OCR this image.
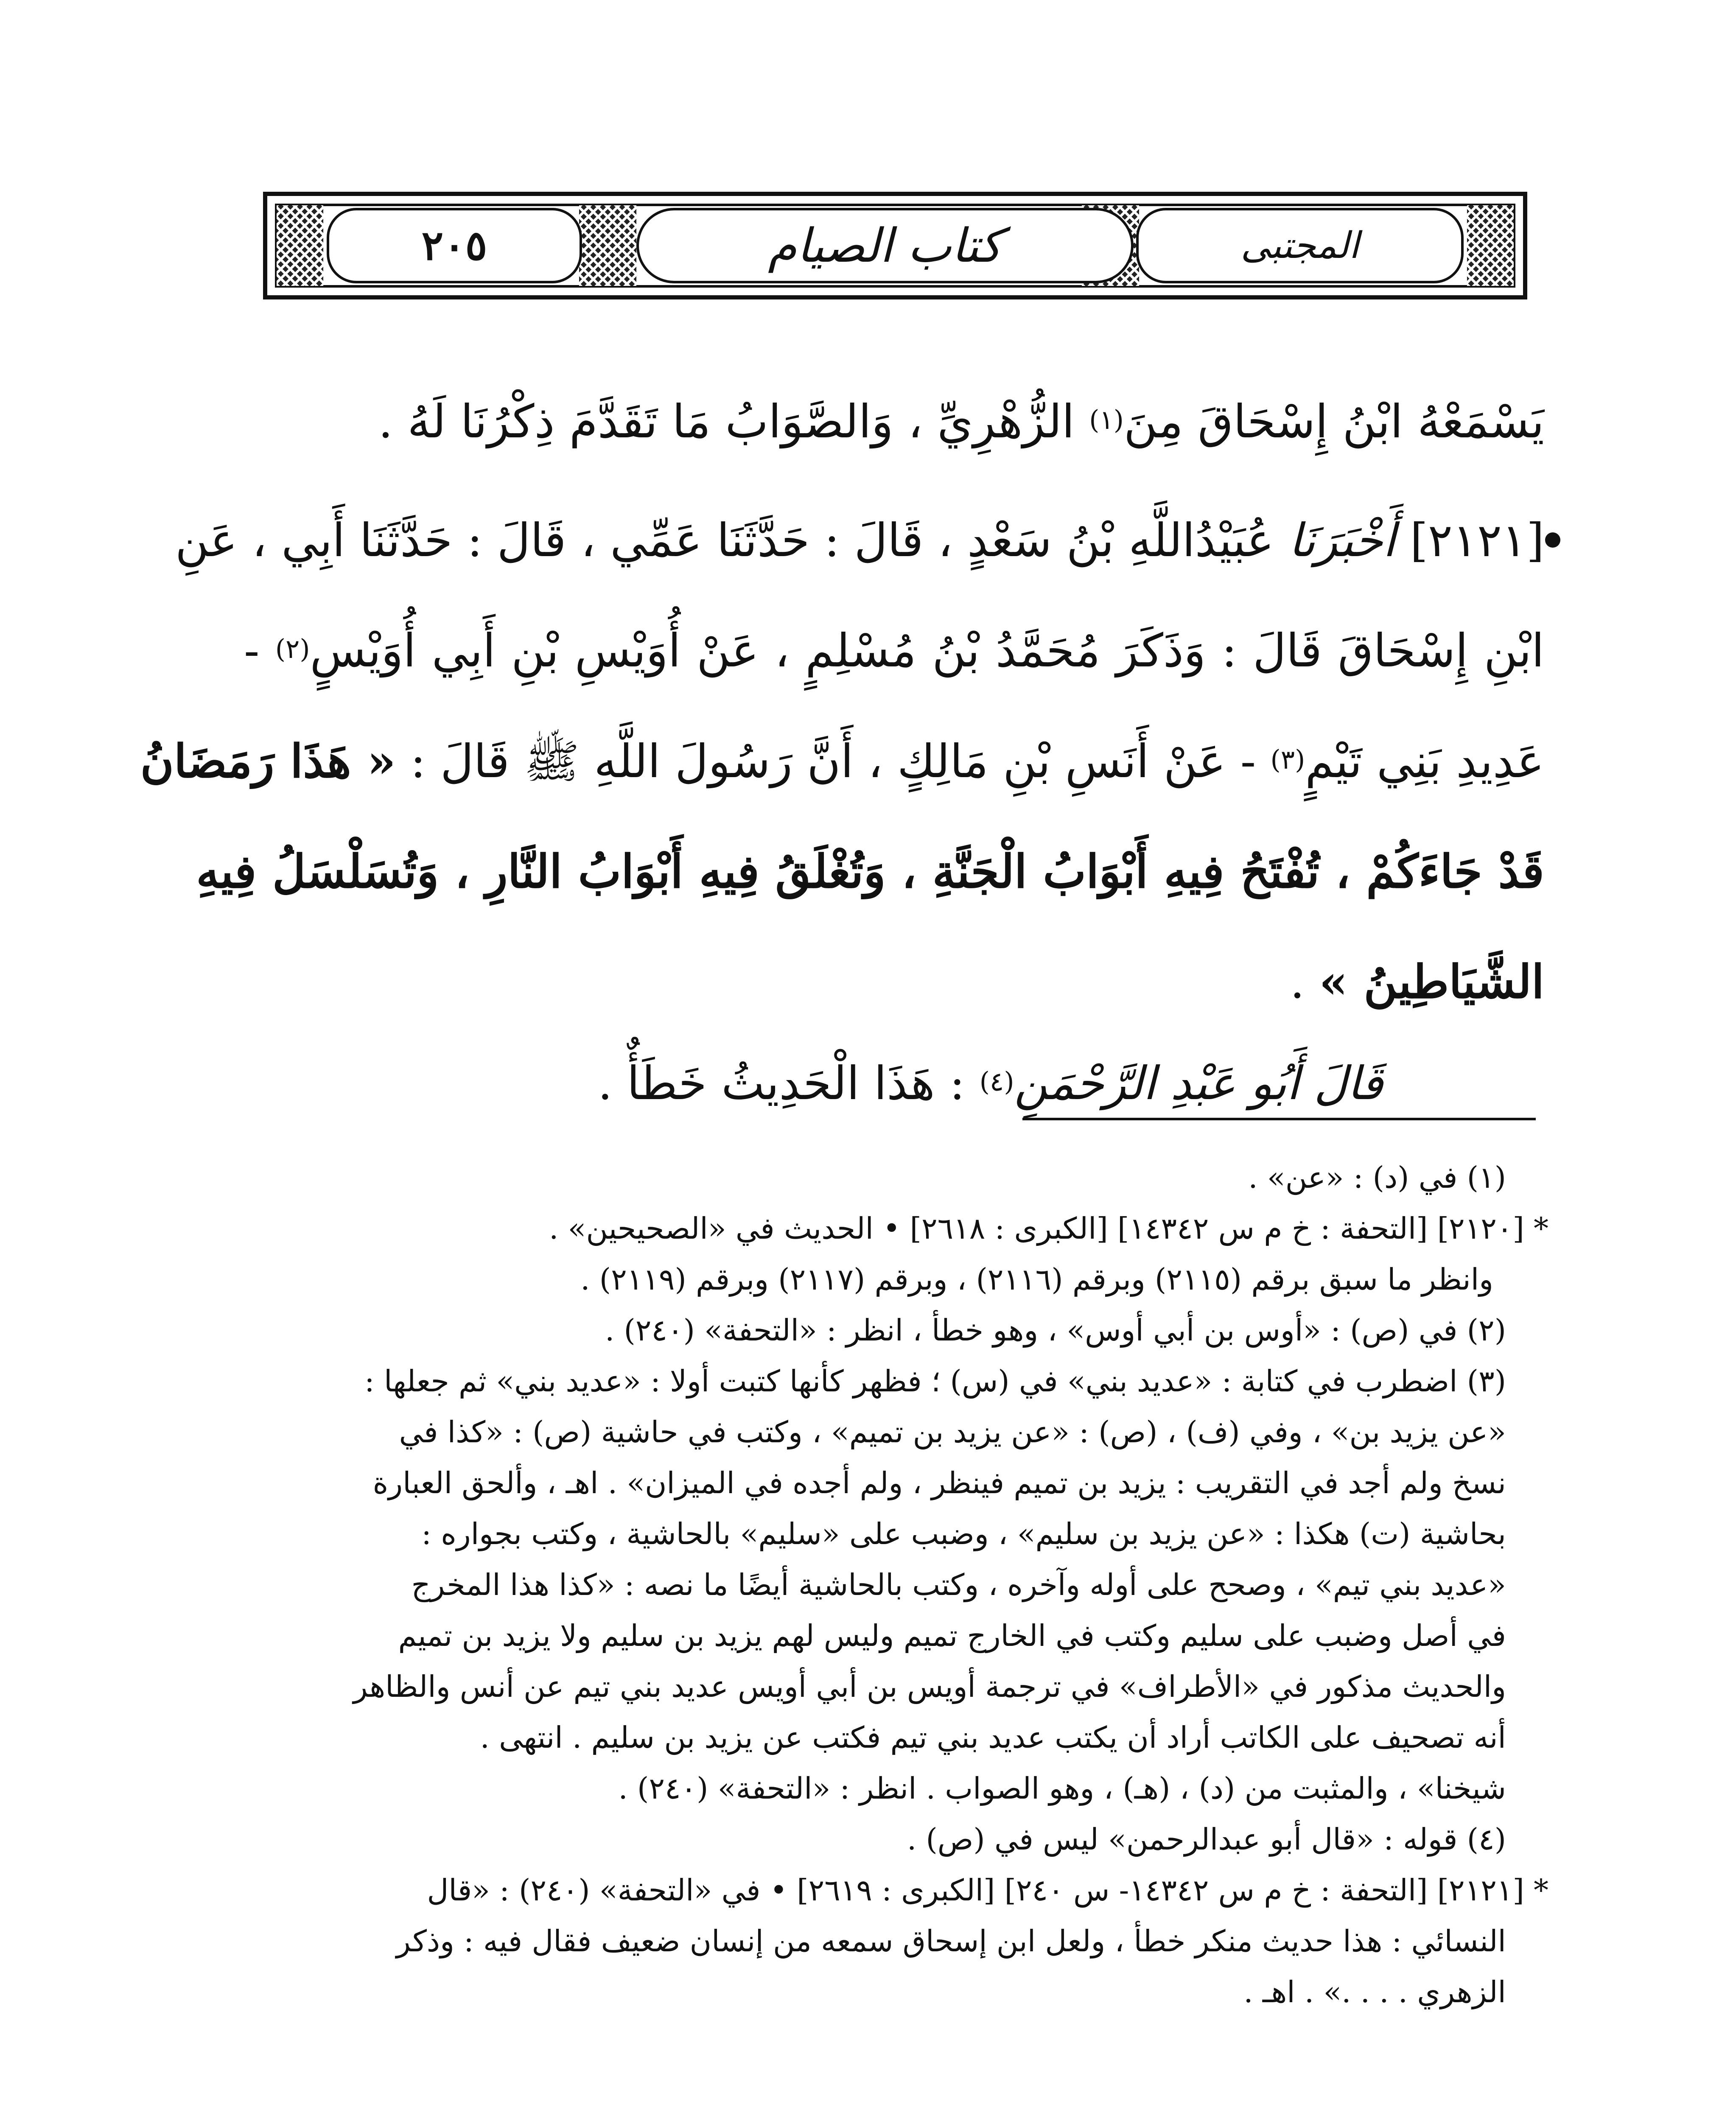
٢٠٥	كتاب الصيام	المجتبى
يَسْمَعْهُ ابْنُ إِسْحَاقَ مِنَ$^{(١)}$ الزُّهْرِيِّ ، وَالصَّوَابُ مَا تَقَدَّمَ ذِكْرُنَا لَهُ .
[٢١٢١] أَخْبَرَنَا عُبَيْدُاللَّهِ بْنُ سَعْدٍ ، قَالَ : حَدَّثَنَا عَمِّي ، قَالَ : حَدَّثَنَا أَبِي ، عَنِ
ابْنِ إِسْحَاقَ قَالَ : وَذَكَرَ مُحَمَّدُ بْنُ مُسْلِمٍ ، عَنْ أُوَيْسِ بْنِ أَبِي أُوَيْسٍ$^{(٢)}$ -
عَدِيدِ بَنِي تَيْمٍ$^{(٣)}$ - عَنْ أَنَسِ بْنِ مَالِكٍ ، أَنَّ رَسُولَ اللَّهِ ﷺ قَالَ : « هَذَا رَمَضَانُ
قَدْ جَاءَكُمْ ، تُفْتَحُ فِيهِ أَبْوَابُ الْجَنَّةِ ، وَتُغْلَقُ فِيهِ أَبْوَابُ النَّارِ ، وَتُسَلْسَلُ فِيهِ
الشَّيَاطِينُ » .
قَالَ أَبُو عَبْدِ الرَّحْمَنِ$^{(٤)}$ : هَذَا الْحَدِيثُ خَطَأٌ .
(١) في (د) : «عن» .
* [٢١٢٠] [التحفة : خ م س ١٤٣٤٢] [الكبرى : ٢٦١٨] • الحديث في «الصحيحين» .
وانظر ما سبق برقم (٢١١٥) وبرقم (٢١١٦) ، وبرقم (٢١١٧) وبرقم (٢١١٩) .
(٢) في (ص) : «أوس بن أبي أوس» ، وهو خطأ ، انظر : «التحفة» (٢٤٠) .
(٣) اضطرب في كتابة : «عديد بني» في (س) ؛ فظهر كأنها كتبت أولا : «عديد بني» ثم جعلها :
«عن يزيد بن» ، وفي (ف) ، (ص) : «عن يزيد بن تميم» ، وكتب في حاشية (ص) : «كذا في
نسخ ولم أجد في التقريب : يزيد بن تميم فينظر ، ولم أجده في الميزان» . اهـ ، وألحق العبارة
بحاشية (ت) هكذا : «عن يزيد بن سليم» ، وضبب على «سليم» بالحاشية ، وكتب بجواره :
«عديد بني تيم» ، وصحح على أوله وآخره ، وكتب بالحاشية أيضًا ما نصه : «كذا هذا المخرج
في أصل وضبب على سليم وكتب في الخارج تميم وليس لهم يزيد بن سليم ولا يزيد بن تميم
والحديث مذكور في «الأطراف» في ترجمة أويس بن أبي أويس عديد بني تيم عن أنس والظاهر
أنه تصحيف على الكاتب أراد أن يكتب عديد بني تيم فكتب عن يزيد بن سليم . انتهى .
شيخنا» ، والمثبت من (د) ، (هـ) ، وهو الصواب . انظر : «التحفة» (٢٤٠) .
(٤) قوله : «قال أبو عبدالرحمن» ليس في (ص) .
* [٢١٢١] [التحفة : خ م س ١٤٣٤٢- س ٢٤٠] [الكبرى : ٢٦١٩] • في «التحفة» (٢٤٠) : «قال
النسائي : هذا حديث منكر خطأ ، ولعل ابن إسحاق سمعه من إنسان ضعيف فقال فيه : وذكر
الزهري . . . .» . اهـ .
